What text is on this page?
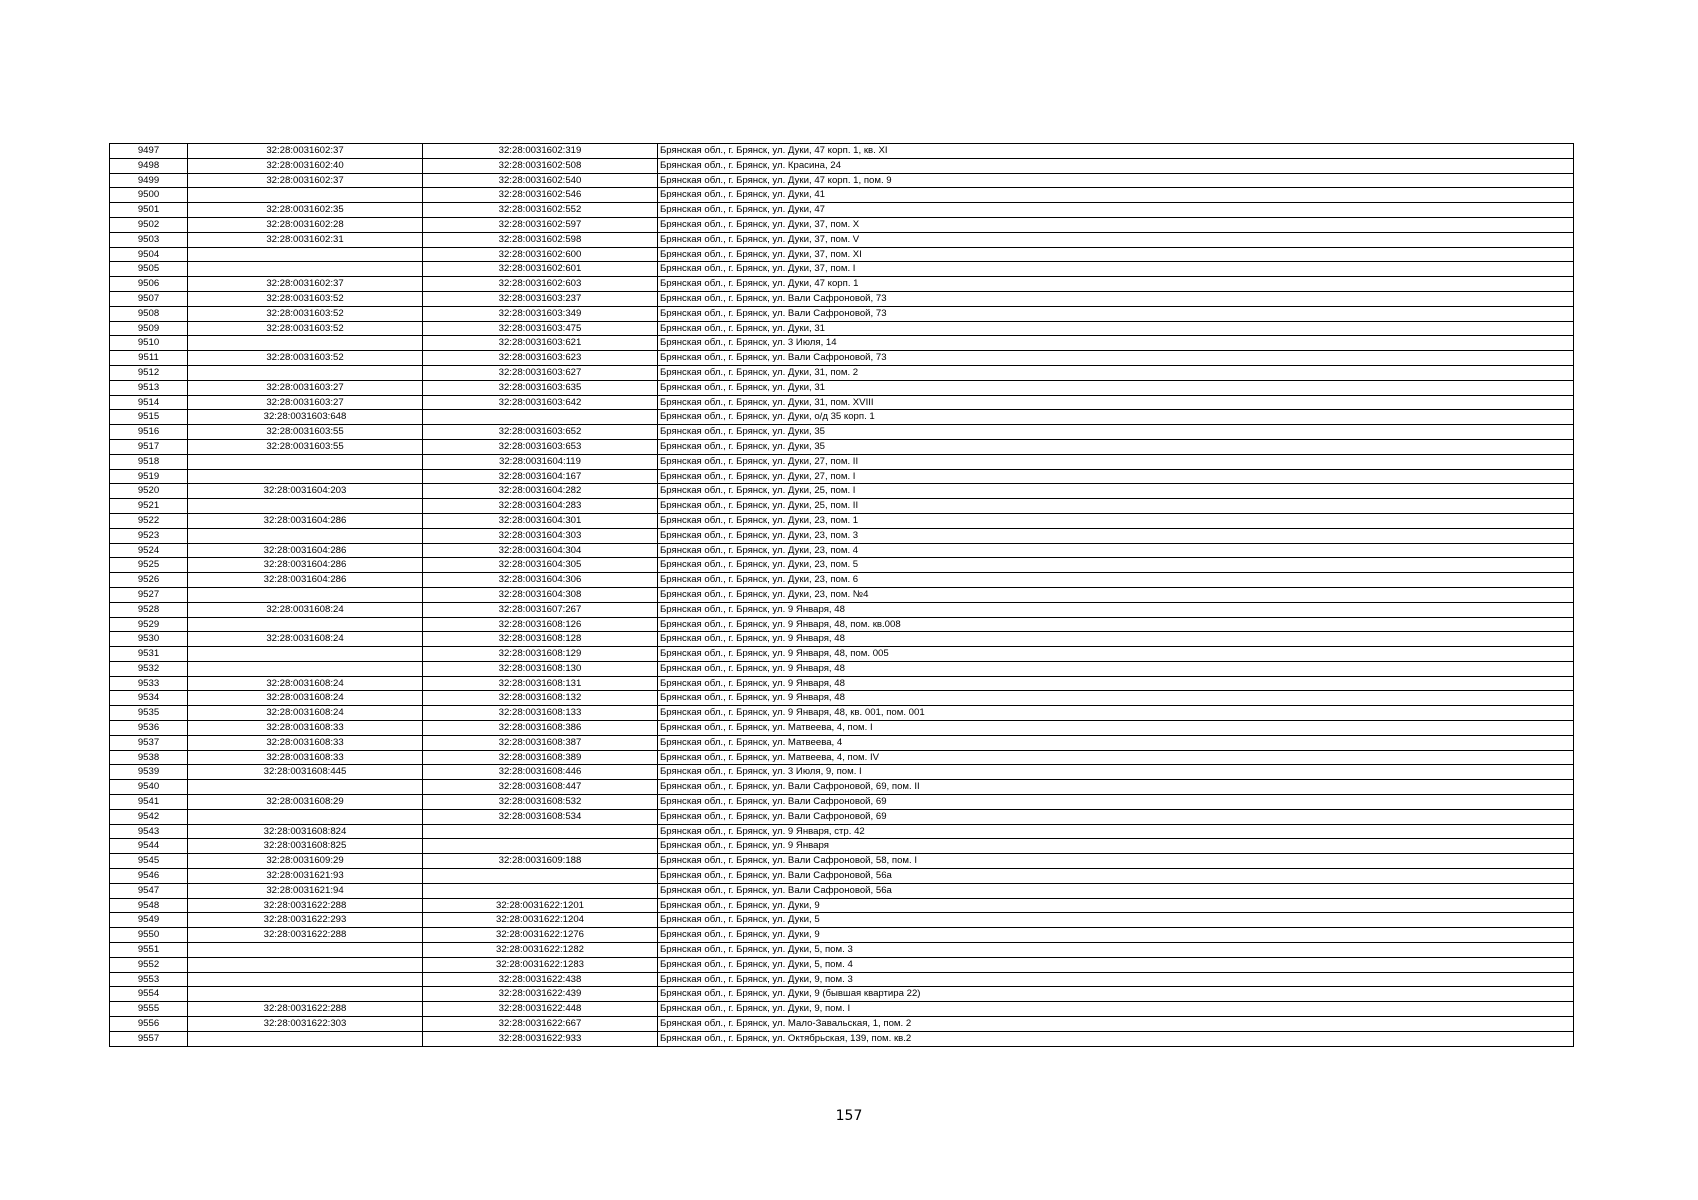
9497	32:28:0031602:37	32:28:0031602:319	Брянская обл., г. Брянск, ул. Дуки, 47 корп. 1, кв. XI
9498	32:28:0031602:40	32:28:0031602:508	Брянская обл., г. Брянск, ул. Красина, 24
9499	32:28:0031602:37	32:28:0031602:540	Брянская обл., г. Брянск, ул. Дуки, 47 корп. 1, пом. 9
9500		32:28:0031602:546	Брянская обл., г. Брянск, ул. Дуки, 41
9501	32:28:0031602:35	32:28:0031602:552	Брянская обл., г. Брянск, ул. Дуки, 47
9502	32:28:0031602:28	32:28:0031602:597	Брянская обл., г. Брянск, ул. Дуки, 37, пом. X
9503	32:28:0031602:31	32:28:0031602:598	Брянская обл., г. Брянск, ул. Дуки, 37, пом. V
9504		32:28:0031602:600	Брянская обл., г. Брянск, ул. Дуки, 37, пом. XI
9505		32:28:0031602:601	Брянская обл., г. Брянск, ул. Дуки, 37, пом. I
9506	32:28:0031602:37	32:28:0031602:603	Брянская обл., г. Брянск, ул. Дуки, 47 корп. 1
9507	32:28:0031603:52	32:28:0031603:237	Брянская обл., г. Брянск, ул. Вали Сафроновой, 73
9508	32:28:0031603:52	32:28:0031603:349	Брянская обл., г. Брянск, ул. Вали Сафроновой, 73
9509	32:28:0031603:52	32:28:0031603:475	Брянская обл., г. Брянск, ул. Дуки, 31
9510		32:28:0031603:621	Брянская обл., г. Брянск, ул. 3 Июля, 14
9511	32:28:0031603:52	32:28:0031603:623	Брянская обл., г. Брянск, ул. Вали Сафроновой, 73
9512		32:28:0031603:627	Брянская обл., г. Брянск, ул. Дуки, 31, пом. 2
9513	32:28:0031603:27	32:28:0031603:635	Брянская обл., г. Брянск, ул. Дуки, 31
9514	32:28:0031603:27	32:28:0031603:642	Брянская обл., г. Брянск, ул. Дуки, 31, пом. XVIII
9515	32:28:0031603:648		Брянская обл., г. Брянск, ул. Дуки, о/д 35 корп. 1
9516	32:28:0031603:55	32:28:0031603:652	Брянская обл., г. Брянск, ул. Дуки, 35
9517	32:28:0031603:55	32:28:0031603:653	Брянская обл., г. Брянск, ул. Дуки, 35
9518		32:28:0031604:119	Брянская обл., г. Брянск, ул. Дуки, 27, пом. II
9519		32:28:0031604:167	Брянская обл., г. Брянск, ул. Дуки, 27, пом. I
9520	32:28:0031604:203	32:28:0031604:282	Брянская обл., г. Брянск, ул. Дуки, 25, пом. I
9521		32:28:0031604:283	Брянская обл., г. Брянск, ул. Дуки, 25, пом. II
9522	32:28:0031604:286	32:28:0031604:301	Брянская обл., г. Брянск, ул. Дуки, 23, пом. 1
9523		32:28:0031604:303	Брянская обл., г. Брянск, ул. Дуки, 23, пом. 3
9524	32:28:0031604:286	32:28:0031604:304	Брянская обл., г. Брянск, ул. Дуки, 23, пом. 4
9525	32:28:0031604:286	32:28:0031604:305	Брянская обл., г. Брянск, ул. Дуки, 23, пом. 5
9526	32:28:0031604:286	32:28:0031604:306	Брянская обл., г. Брянск, ул. Дуки, 23, пом. 6
9527		32:28:0031604:308	Брянская обл., г. Брянск, ул. Дуки, 23, пом. №4
9528	32:28:0031608:24	32:28:0031607:267	Брянская обл., г. Брянск, ул. 9 Января, 48
9529		32:28:0031608:126	Брянская обл., г. Брянск, ул. 9 Января, 48, пом. кв.008
9530	32:28:0031608:24	32:28:0031608:128	Брянская обл., г. Брянск, ул. 9 Января, 48
9531		32:28:0031608:129	Брянская обл., г. Брянск, ул. 9 Января, 48, пом. 005
9532		32:28:0031608:130	Брянская обл., г. Брянск, ул. 9 Января, 48
9533	32:28:0031608:24	32:28:0031608:131	Брянская обл., г. Брянск, ул. 9 Января, 48
9534	32:28:0031608:24	32:28:0031608:132	Брянская обл., г. Брянск, ул. 9 Января, 48
9535	32:28:0031608:24	32:28:0031608:133	Брянская обл., г. Брянск, ул. 9 Января, 48, кв. 001, пом. 001
9536	32:28:0031608:33	32:28:0031608:386	Брянская обл., г. Брянск, ул. Матвеева, 4, пом. I
9537	32:28:0031608:33	32:28:0031608:387	Брянская обл., г. Брянск, ул. Матвеева, 4
9538	32:28:0031608:33	32:28:0031608:389	Брянская обл., г. Брянск, ул. Матвеева, 4, пом. IV
9539	32:28:0031608:445	32:28:0031608:446	Брянская обл., г. Брянск, ул. 3 Июля, 9, пом. I
9540		32:28:0031608:447	Брянская обл., г. Брянск, ул. Вали Сафроновой, 69, пом. II
9541	32:28:0031608:29	32:28:0031608:532	Брянская обл., г. Брянск, ул. Вали Сафроновой, 69
9542		32:28:0031608:534	Брянская обл., г. Брянск, ул. Вали Сафроновой, 69
9543	32:28:0031608:824		Брянская обл., г. Брянск, ул. 9 Января, стр. 42
9544	32:28:0031608:825		Брянская обл., г. Брянск, ул. 9 Января
9545	32:28:0031609:29	32:28:0031609:188	Брянская обл., г. Брянск, ул. Вали Сафроновой, 58, пом. I
9546	32:28:0031621:93		Брянская обл., г. Брянск, ул. Вали Сафроновой, 56а
9547	32:28:0031621:94		Брянская обл., г. Брянск, ул. Вали Сафроновой, 56а
9548	32:28:0031622:288	32:28:0031622:1201	Брянская обл., г. Брянск, ул. Дуки, 9
9549	32:28:0031622:293	32:28:0031622:1204	Брянская обл., г. Брянск, ул. Дуки, 5
9550	32:28:0031622:288	32:28:0031622:1276	Брянская обл., г. Брянск, ул. Дуки, 9
9551		32:28:0031622:1282	Брянская обл., г. Брянск, ул. Дуки, 5, пом. 3
9552		32:28:0031622:1283	Брянская обл., г. Брянск, ул. Дуки, 5, пом. 4
9553		32:28:0031622:438	Брянская обл., г. Брянск, ул. Дуки, 9, пом. 3
9554		32:28:0031622:439	Брянская обл., г. Брянск, ул. Дуки, 9 (бывшая квартира 22)
9555	32:28:0031622:288	32:28:0031622:448	Брянская обл., г. Брянск, ул. Дуки, 9, пом. I
9556	32:28:0031622:303	32:28:0031622:667	Брянская обл., г. Брянск, ул. Мало-Завальская, 1, пом. 2
9557		32:28:0031622:933	Брянская обл., г. Брянск, ул. Октябрьская, 139, пом. кв.2
157
